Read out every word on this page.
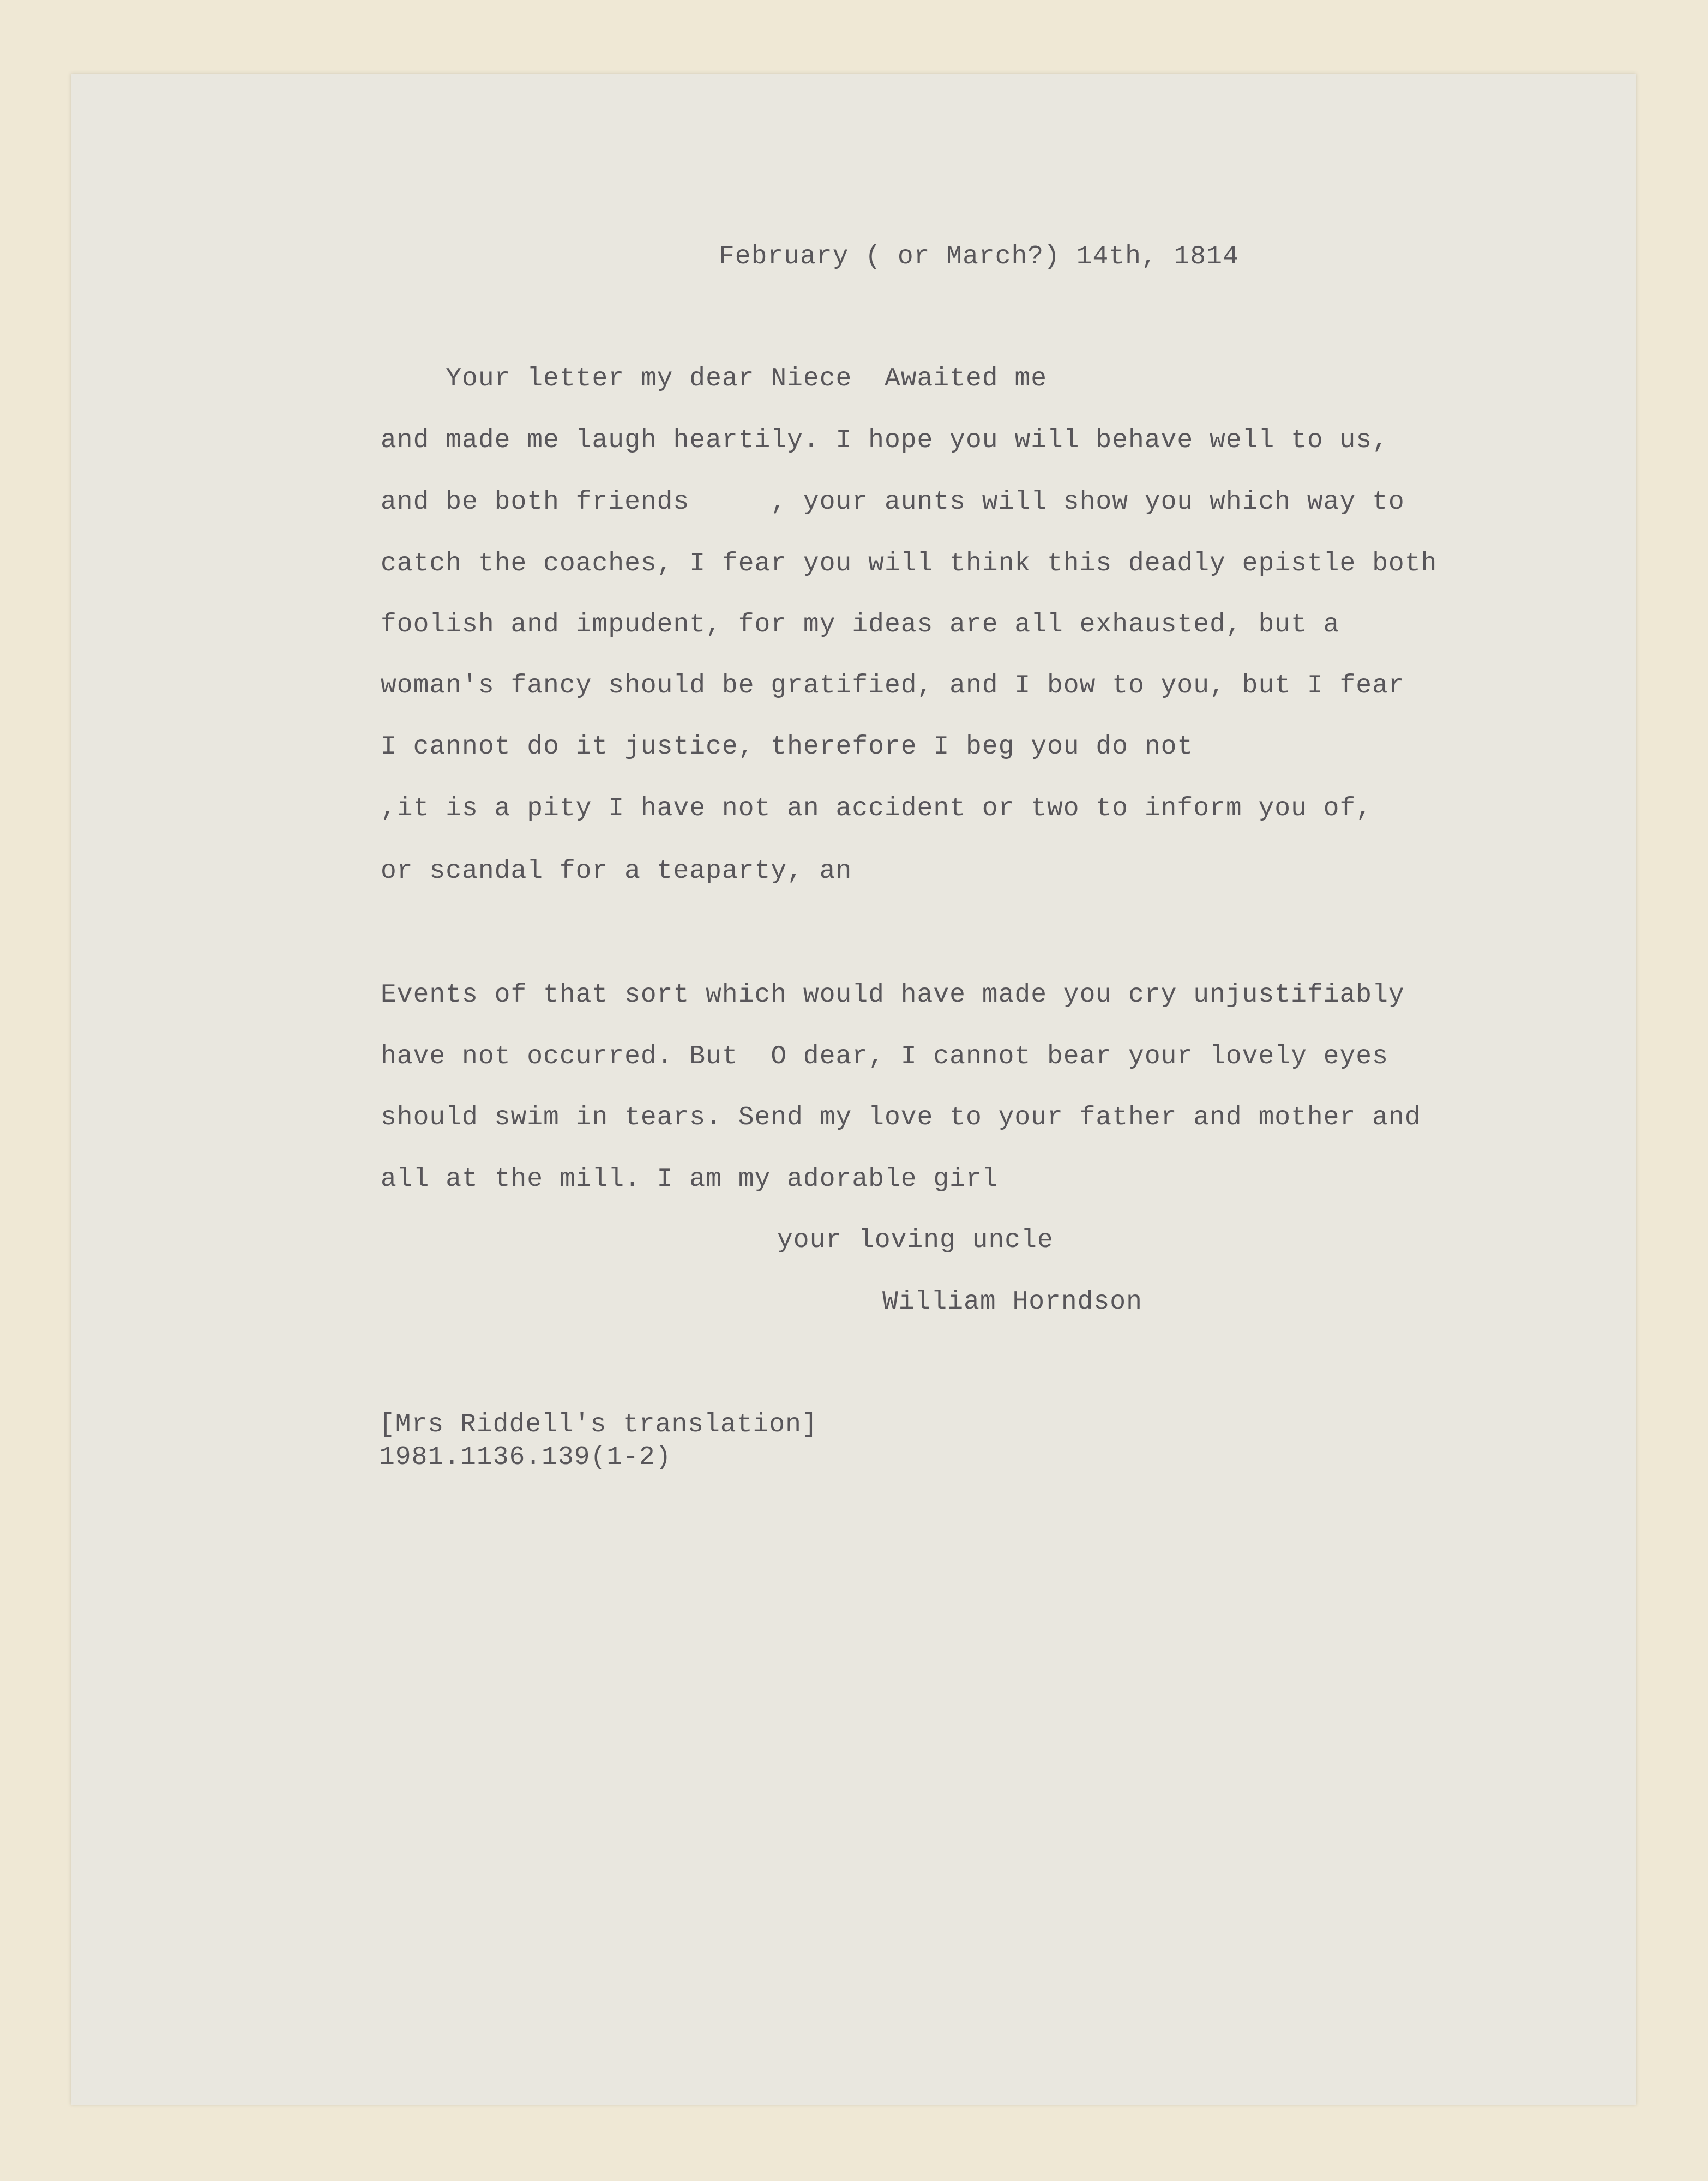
February ( or March?) 14th, 1814
Your letter my dear Niece  Awaited me
and made me laugh heartily. I hope you will behave well to us,
and be both friends     , your aunts will show you which way to
catch the coaches, I fear you will think this deadly epistle both
foolish and impudent, for my ideas are all exhausted, but a
woman's fancy should be gratified, and I bow to you, but I fear
I cannot do it justice, therefore I beg you do not
,it is a pity I have not an accident or two to inform you of,
or scandal for a teaparty, an
Events of that sort which would have made you cry unjustifiably
have not occurred. But  O dear, I cannot bear your lovely eyes
should swim in tears. Send my love to your father and mother and
all at the mill. I am my adorable girl
your loving uncle
William Horndson
[Mrs Riddell's translation]
1981.1136.139(1-2)
